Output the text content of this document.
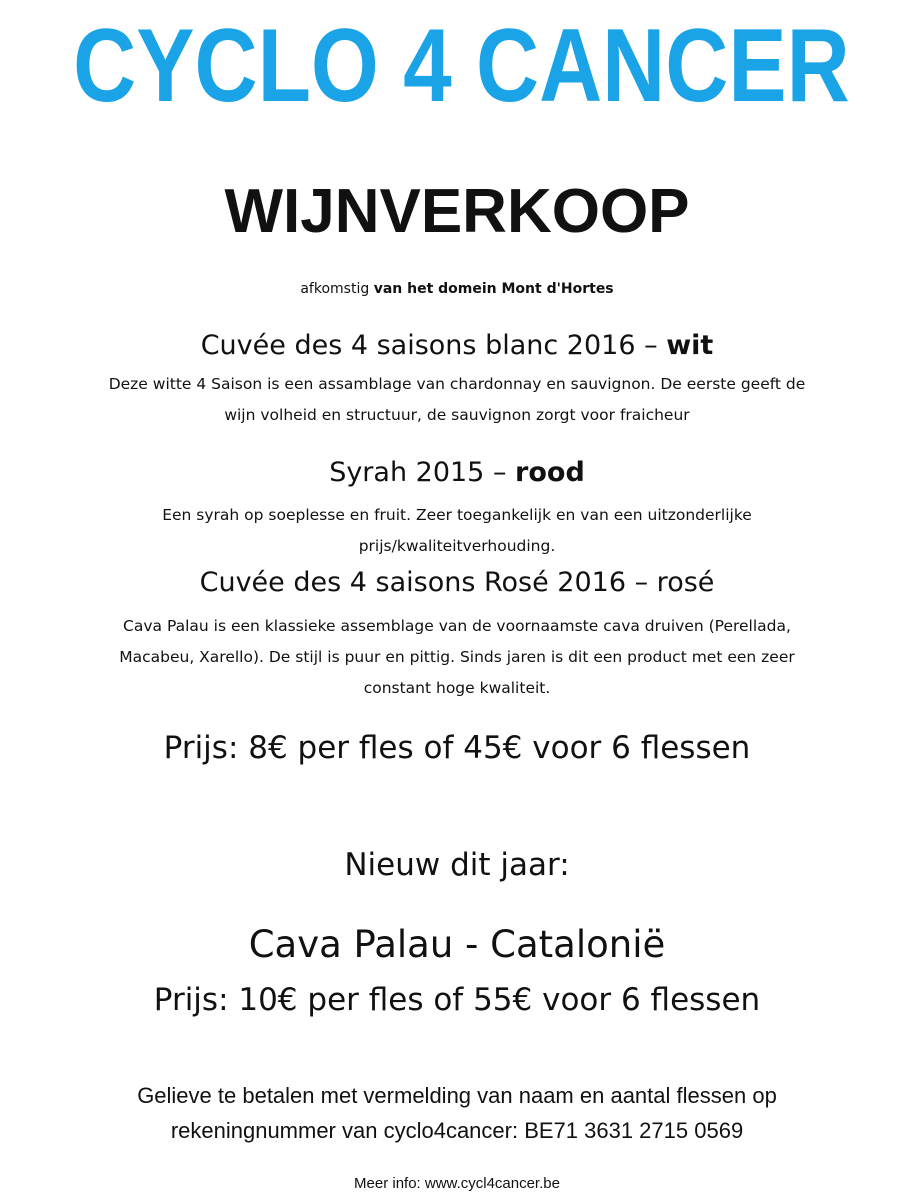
CYCLO 4 CANCER
WIJNVERKOOP

afkomstig van het domein Mont d'Hortes

Cuvée des 4 saisons blanc 2016 – wit

Deze witte 4 Saison is een assamblage van chardonnay en sauvignon. De eerste geeft de
wijn volheid en structuur, de sauvignon zorgt voor fraicheur

Syrah 2015 – rood

Een syrah op soeplesse en fruit. Zeer toegankelijk en van een uitzonderlijke
prijs/kwaliteitverhouding.

Cuvée des 4 saisons Rosé 2016 – rosé

Cava Palau is een klassieke assemblage van de voornaamste cava druiven (Perellada,
Macabeu, Xarello). De stijl is puur en pittig. Sinds jaren is dit een product met een zeer
constant hoge kwaliteit.

Prijs: 8€ per fles of 45€ voor 6 flessen

Nieuw dit jaar:

Cava Palau - Catalonië

Prijs: 10€ per fles of 55€ voor 6 flessen

Gelieve te betalen met vermelding van naam en aantal flessen op
rekeningnummer van cyclo4cancer: BE71 3631 2715 0569

Meer info: www.cycl4cancer.be
